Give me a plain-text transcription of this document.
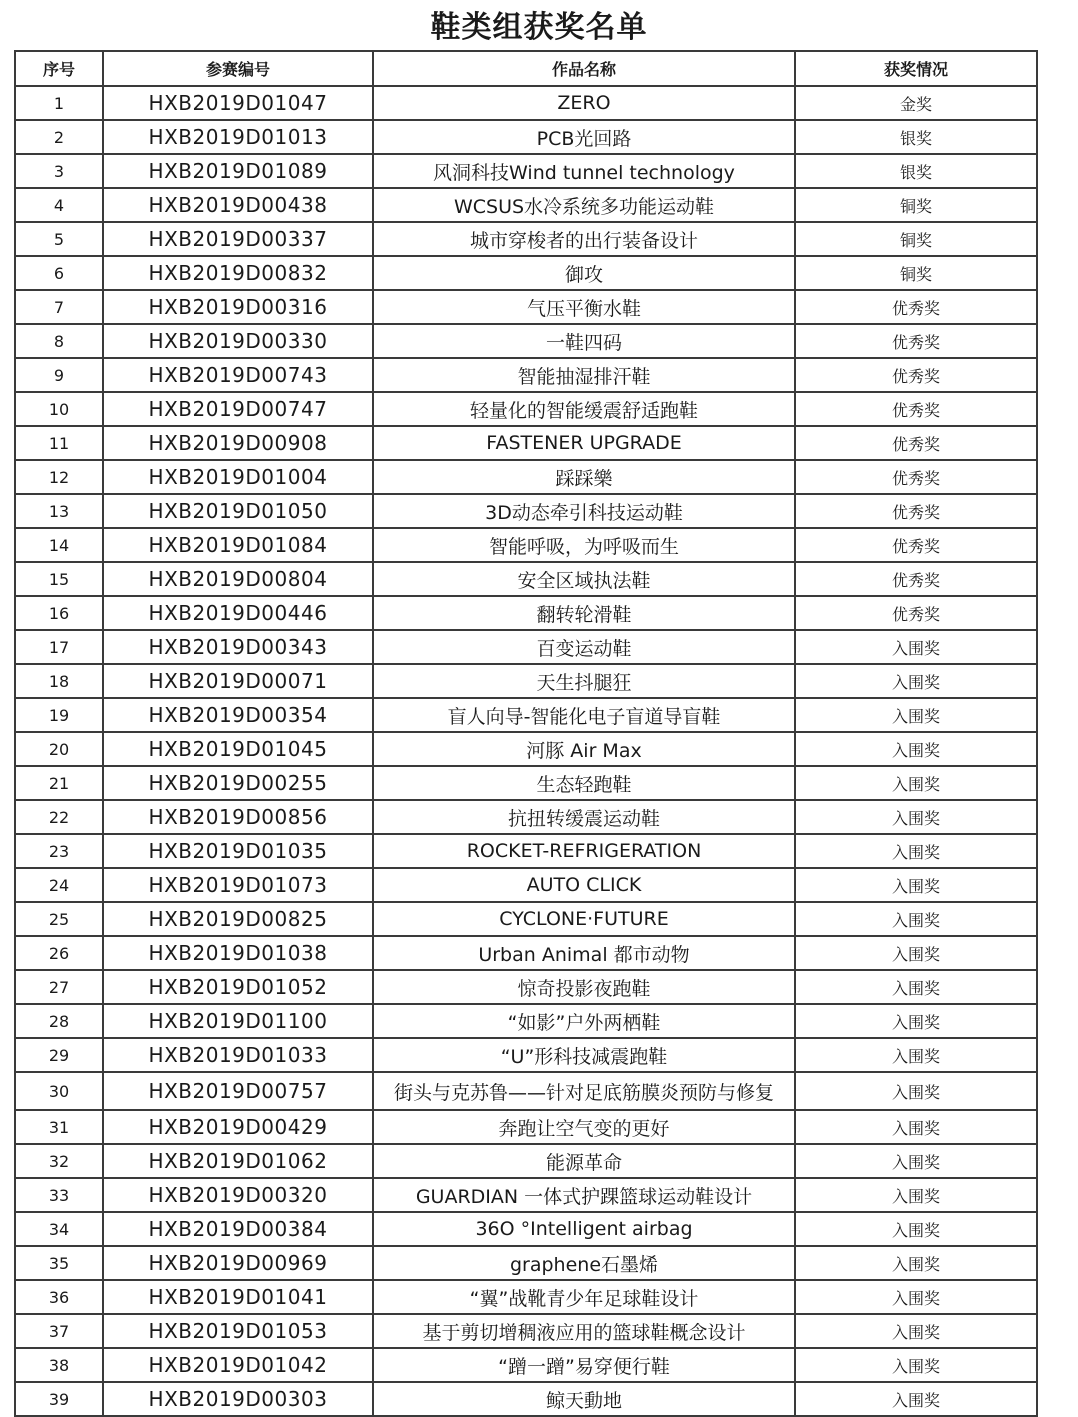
鞋类组获奖名单
序号	参赛编号	作品名称	获奖情况
1	HXB2019D01047	ZERO	金奖
2	HXB2019D01013	PCB光回路	银奖
3	HXB2019D01089	风洞科技Wind tunnel technology	银奖
4	HXB2019D00438	WCSUS水冷系统多功能运动鞋	铜奖
5	HXB2019D00337	城市穿梭者的出行装备设计	铜奖
6	HXB2019D00832	御攻	铜奖
7	HXB2019D00316	气压平衡水鞋	优秀奖
8	HXB2019D00330	一鞋四码	优秀奖
9	HXB2019D00743	智能抽湿排汗鞋	优秀奖
10	HXB2019D00747	轻量化的智能缓震舒适跑鞋	优秀奖
11	HXB2019D00908	FASTENER UPGRADE	优秀奖
12	HXB2019D01004	踩踩樂	优秀奖
13	HXB2019D01050	3D动态牵引科技运动鞋	优秀奖
14	HXB2019D01084	智能呼吸，为呼吸而生	优秀奖
15	HXB2019D00804	安全区域执法鞋	优秀奖
16	HXB2019D00446	翻转轮滑鞋	优秀奖
17	HXB2019D00343	百变运动鞋	入围奖
18	HXB2019D00071	天生抖腿狂	入围奖
19	HXB2019D00354	盲人向导-智能化电子盲道导盲鞋	入围奖
20	HXB2019D01045	河豚 Air Max	入围奖
21	HXB2019D00255	生态轻跑鞋	入围奖
22	HXB2019D00856	抗扭转缓震运动鞋	入围奖
23	HXB2019D01035	ROCKET-REFRIGERATION	入围奖
24	HXB2019D01073	AUTO CLICK	入围奖
25	HXB2019D00825	CYCLONE·FUTURE	入围奖
26	HXB2019D01038	Urban Animal 都市动物	入围奖
27	HXB2019D01052	惊奇投影夜跑鞋	入围奖
28	HXB2019D01100	“如影”户外两栖鞋	入围奖
29	HXB2019D01033	“U”形科技减震跑鞋	入围奖
30	HXB2019D00757	街头与克苏鲁——针对足底筋膜炎预防与修复	入围奖
31	HXB2019D00429	奔跑让空气变的更好	入围奖
32	HXB2019D01062	能源革命	入围奖
33	HXB2019D00320	GUARDIAN 一体式护踝篮球运动鞋设计	入围奖
34	HXB2019D00384	36O °Intelligent airbag	入围奖
35	HXB2019D00969	graphene石墨烯	入围奖
36	HXB2019D01041	“翼”战靴青少年足球鞋设计	入围奖
37	HXB2019D01053	基于剪切增稠液应用的篮球鞋概念设计	入围奖
38	HXB2019D01042	“蹭一蹭”易穿便行鞋	入围奖
39	HXB2019D00303	鲸天動地	入围奖
